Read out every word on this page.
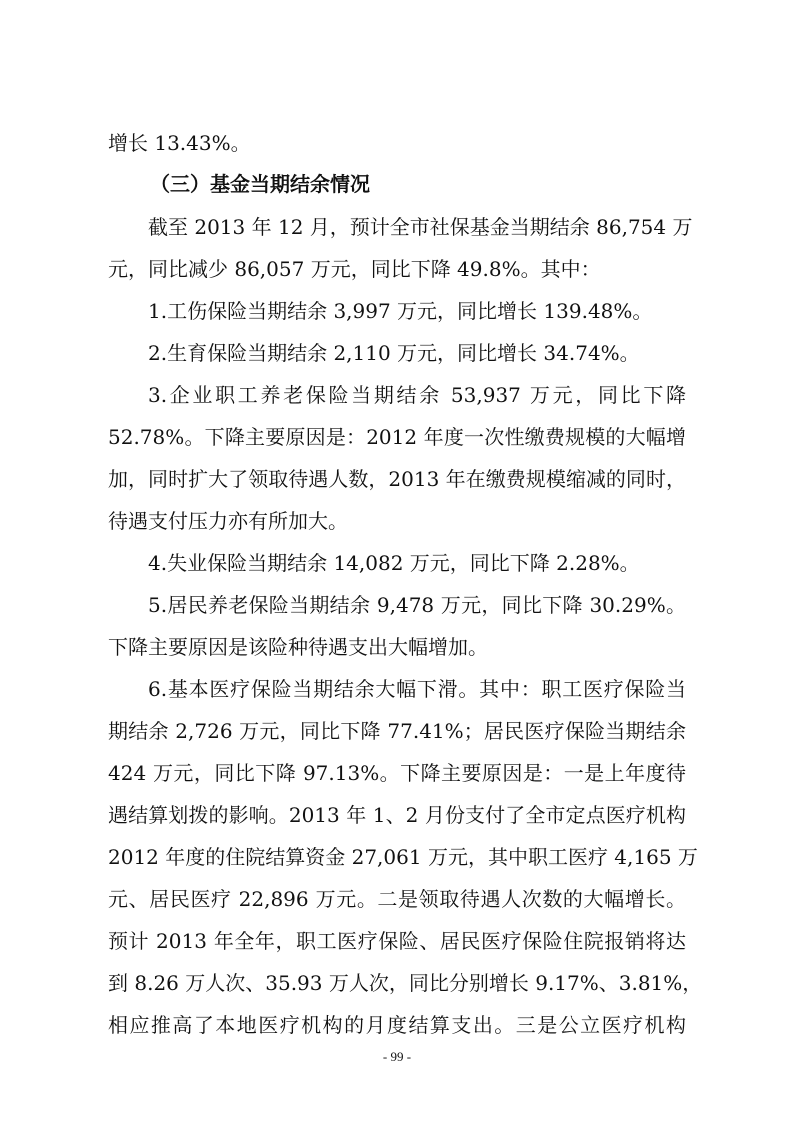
增长 13.43%。
（三）基金当期结余情况
截至 2013 年 12 月，预计全市社保基金当期结余 86,754 万
元，同比减少 86,057 万元，同比下降 49.8%。其中：
1.工伤保险当期结余 3,997 万元，同比增长 139.48%。
2.生育保险当期结余 2,110 万元，同比增长 34.74%。
3.企业职工养老保险当期结余 53,937 万元，同比下降
52.78%。下降主要原因是：2012 年度一次性缴费规模的大幅增
加，同时扩大了领取待遇人数，2013 年在缴费规模缩减的同时，
待遇支付压力亦有所加大。
4.失业保险当期结余 14,082 万元，同比下降 2.28%。
5.居民养老保险当期结余 9,478 万元，同比下降 30.29%。
下降主要原因是该险种待遇支出大幅增加。
6.基本医疗保险当期结余大幅下滑。其中：职工医疗保险当
期结余 2,726 万元，同比下降 77.41%；居民医疗保险当期结余
424 万元，同比下降 97.13%。下降主要原因是：一是上年度待
遇结算划拨的影响。2013 年 1、2 月份支付了全市定点医疗机构
2012 年度的住院结算资金 27,061 万元，其中职工医疗 4,165 万
元、居民医疗 22,896 万元。二是领取待遇人次数的大幅增长。
预计 2013 年全年，职工医疗保险、居民医疗保险住院报销将达
到 8.26 万人次、35.93 万人次，同比分别增长 9.17%、3.81%，
相应推高了本地医疗机构的月度结算支出。三是公立医疗机构
- 99 -
